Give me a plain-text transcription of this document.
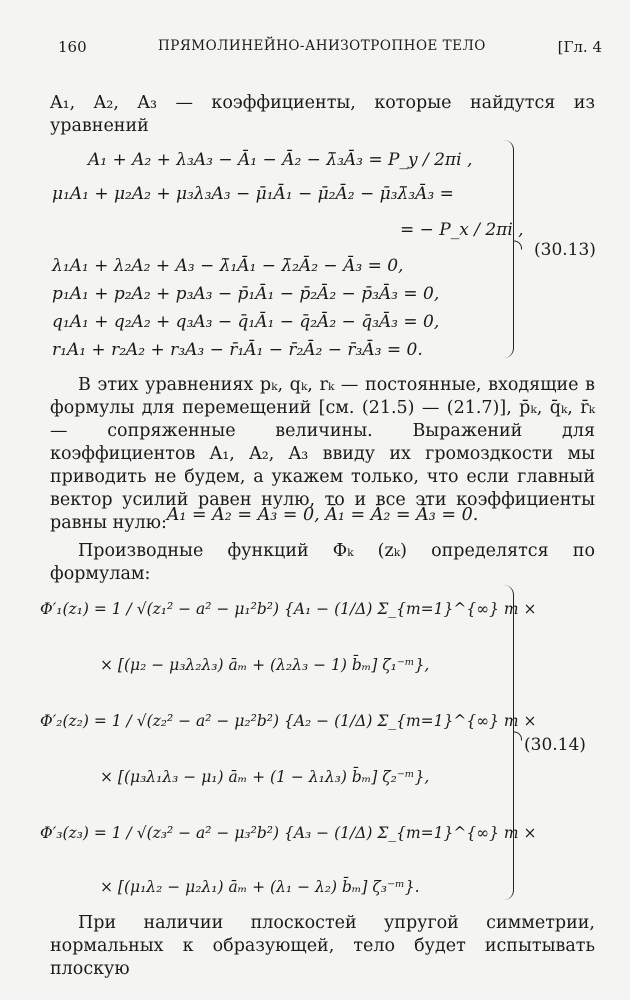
160	ПРЯМОЛИНЕЙНО-АНИЗОТРОПНОЕ ТЕЛО	[Гл. 4
A₁, A₂, A₃ — коэффициенты, которые найдутся из уравнений
A₁ + A₂ + λ₃A₃ − Ā₁ − Ā₂ − λ̄₃Ā₃ = P_y / 2πi ,
μ₁A₁ + μ₂A₂ + μ₃λ₃A₃ − μ̄₁Ā₁ − μ̄₂Ā₂ − μ̄₃λ̄₃Ā₃ =
= − P_x / 2πi ,
λ₁A₁ + λ₂A₂ + A₃ − λ̄₁Ā₁ − λ̄₂Ā₂ − Ā₃ = 0,
p₁A₁ + p₂A₂ + p₃A₃ − p̄₁Ā₁ − p̄₂Ā₂ − p̄₃Ā₃ = 0,
q₁A₁ + q₂A₂ + q₃A₃ − q̄₁Ā₁ − q̄₂Ā₂ − q̄₃Ā₃ = 0,
r₁A₁ + r₂A₂ + r₃A₃ − r̄₁Ā₁ − r̄₂Ā₂ − r̄₃Ā₃ = 0.
(30.13)
В этих уравнениях pₖ, qₖ, rₖ — постоянные, входящие в формулы для перемещений [см. (21.5) — (21.7)], p̄ₖ, q̄ₖ, r̄ₖ — сопряженные величины. Выражений для коэффициентов A₁, A₂, A₃ ввиду их громоздкости мы приводить не будем, а укажем только, что если главный вектор усилий равен нулю, то и все эти коэффициенты равны нулю: A₁ = A₂ = A₃ = 0, Ā₁ = Ā₂ = Ā₃ = 0.
Производные функций Φₖ (zₖ) определятся по формулам:
Φ′₁(z₁) = 1 / √(z₁² − a² − μ₁²b²) {A₁ − (1/Δ) Σ_{m=1}^{∞} m ×
× [(μ₂ − μ₃λ₂λ₃) āₘ + (λ₂λ₃ − 1) b̄ₘ] ζ₁⁻ᵐ},
Φ′₂(z₂) = 1 / √(z₂² − a² − μ₂²b²) {A₂ − (1/Δ) Σ_{m=1}^{∞} m ×
× [(μ₃λ₁λ₃ − μ₁) āₘ + (1 − λ₁λ₃) b̄ₘ] ζ₂⁻ᵐ},
Φ′₃(z₃) = 1 / √(z₃² − a² − μ₃²b²) {A₃ − (1/Δ) Σ_{m=1}^{∞} m ×
× [(μ₁λ₂ − μ₂λ₁) āₘ + (λ₁ − λ₂) b̄ₘ] ζ₃⁻ᵐ}.
(30.14)
При наличии плоскостей упругой симметрии, нормальных к образующей, тело будет испытывать плоскую
